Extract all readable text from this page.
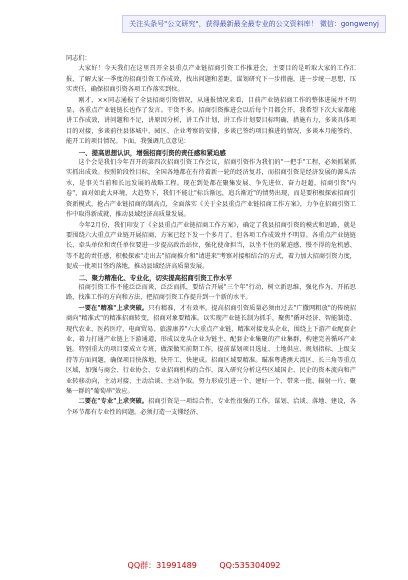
关注头条号"公文研究"，获得最新最全最专业的公文资料库！ 微信：gongwenyj

同志们：

大家好！今天我们在这里召开全县重点产业链招商引资工作推进会，主要目的是听取大家的工作汇报，了解大家一季度的招商引资工作成效，找出问题和差距，谋划研究下一步措施，进一步统一思想，压实责任，确保招商引资各项工作落实到位。

刚才，××同志通报了全县招商引资情况，从通报情况来看，目前产业链招商工作的整体进展并不明显，各重点产业链链长也作了发言。干货不多。招商引资推进会以后每个月都会开，我希望下次大家都能讲工作成效，讲问题和不足，讲原因分析，讲工作计划，讲工作计划要目标明确，措施有力，多谈具体项目的对接，多谈前往县体城中、园区、企业考察的安排，多谈已签约项目推进的情况，多谈本月能签约、能开工的项目情况。下面，我强调几点意见：

一、提高思想认识，增强招商引资的责任感和紧迫感

这个会是我们今年召开的第四次招商引资工作会议，招商引资作为我们的"一把手"工程，必须抓紧抓实抓出成效。按照阶段性目标，全国各地都在有待着新一轮的经济复苏，而招商引资是经济发展的源头活水，是事关当前和长远发展的战略工程。现在到处都在聚集发展、争先进位、奋力赶超，招商引资"内卷"，面对如此大环境，大趋势下，我们不能让"标兵渐远，追兵渐近"的情势出现，而是要积极探索招商引资新模式，抢占产业链招商的制高点，全面落实《关于全县重点产业链招商工作方案》，力争在招商引资工作中取得新成就，推动县域经济高质量发展。

今年2月份，我们印发了《全县重点产业链招商工作方案》，确定了我县招商引资的模式和思路，就是要围绕六大重点产业链开展招商，方案已经下发一个多月了，但各项工作成效并不明显。各重点产业链链长、牵头单位和责任单位要进一步提高政治站位，强化使命担当，以坐不住的紧迫感、慢不得的危机感、等不起的责任感，积极探索"走出去"招商推介和"请进来"考察对接相结合的方式，着力加大招商引资力度，促成一批项目签约落地，推动县域经济高质量发展。

二、聚力精准化、专业化，切实提高招商引资工作水平

招商引资工作不能泛泛而谈、泛泛而抓，要结合开展"三个年"行动，树立新思维，强化作为，开拓思路，找准工作的方向和方法，把招商引资工作提升到一个新的水平。

一要在"精准"上求突破。只有精准，才有效率。提高招商引资质量必须由过去"广撒网粗放"的传统招商向"精准式"的精准招商转变，招商对象要精准。以实现产业链长制为抓手，聚焦"循环经济、智能制造、现代农业、医药医疗、电商贸易、旅游康养"六大重点产业链，精准对接龙头企业，围绕上下游产业配套企业，着力打通产业链上下游通道，形成以龙头企业为链主、配套企业集聚的产业集群，构建完善循环产业链。特别重大的项目要成立专班，做深做实前期工作，提前谋划项目选址、土地供应、规划指标、上级支持等方面问题，确保项目快落地、快开工、快建成。招商区域要精准。瞄准粤港澳大湾区、长三角等重点区域，加强与商会、行业协会、专业招商机构的合作，深入研究分析这些区域国企、民企的资本流向和产业转移动向，主动对接、主动洽谈、主动争取。努力形成引进一个、建好一个、带来一批、辐射一片、聚集一群的"葡萄串"效应。

二要在"专业"上求突破。招商引资是一项综合性、专业性很强的工作，谋划、洽谈、落地、建设，各个环节都有专业性的问题，必须打造一支懂经济、

QQ群：31991489	QQ:535304092
